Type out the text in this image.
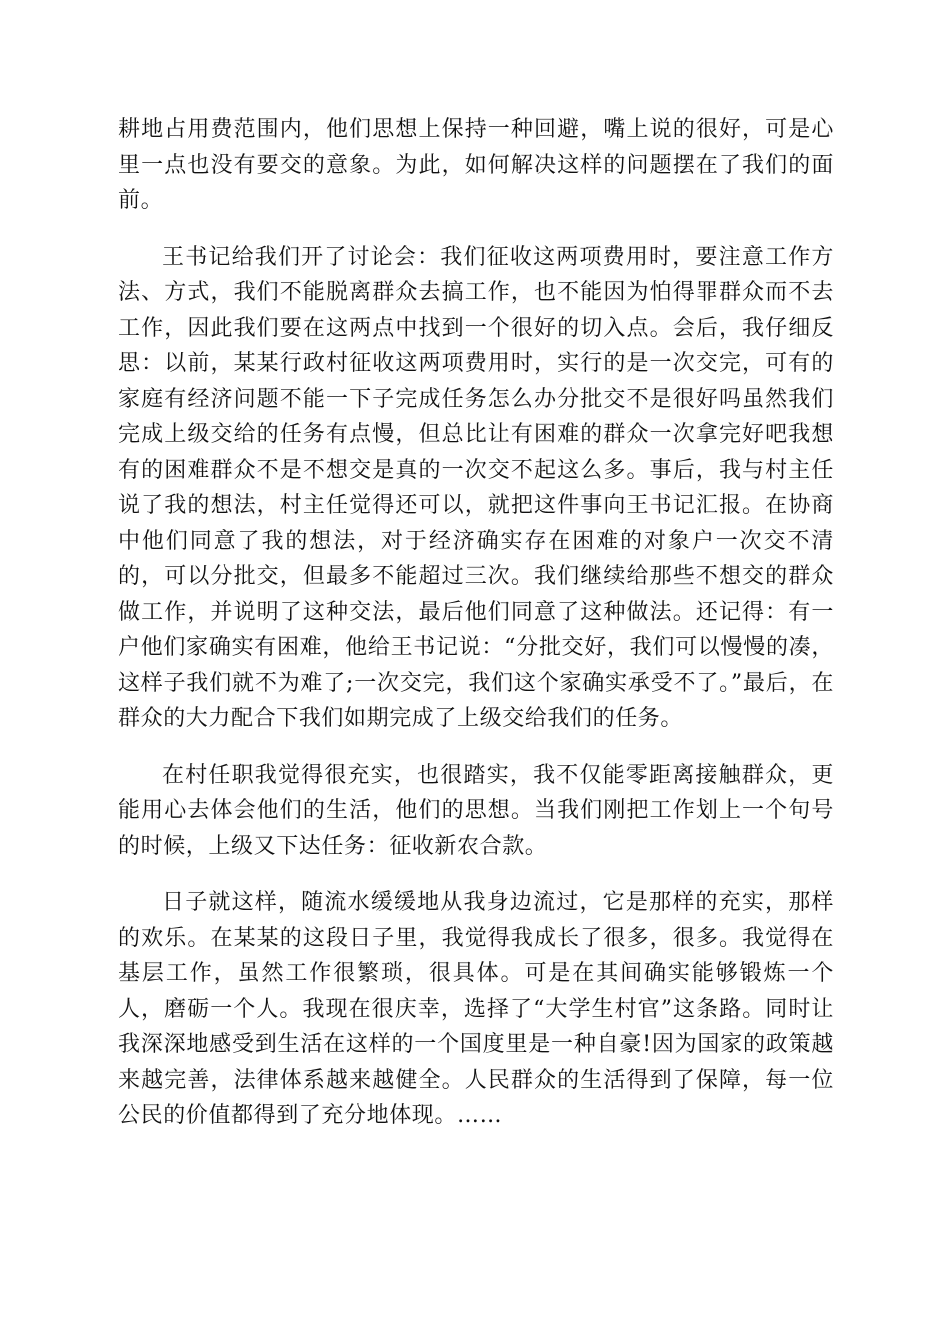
耕地占用费范围内，他们思想上保持一种回避，嘴上说的很好，可是心里一点也没有要交的意象。为此，如何解决这样的问题摆在了我们的面前。

王书记给我们开了讨论会：我们征收这两项费用时，要注意工作方法、方式，我们不能脱离群众去搞工作，也不能因为怕得罪群众而不去工作，因此我们要在这两点中找到一个很好的切入点。会后，我仔细反思：以前，某某行政村征收这两项费用时，实行的是一次交完，可有的家庭有经济问题不能一下子完成任务怎么办分批交不是很好吗虽然我们完成上级交给的任务有点慢，但总比让有困难的群众一次拿完好吧我想有的困难群众不是不想交是真的一次交不起这么多。事后，我与村主任说了我的想法，村主任觉得还可以，就把这件事向王书记汇报。在协商中他们同意了我的想法，对于经济确实存在困难的对象户一次交不清的，可以分批交，但最多不能超过三次。我们继续给那些不想交的群众做工作，并说明了这种交法，最后他们同意了这种做法。还记得：有一户他们家确实有困难，他给王书记说：“分批交好，我们可以慢慢的凑，这样子我们就不为难了;一次交完，我们这个家确实承受不了。”最后，在群众的大力配合下我们如期完成了上级交给我们的任务。

在村任职我觉得很充实，也很踏实，我不仅能零距离接触群众，更能用心去体会他们的生活，他们的思想。当我们刚把工作划上一个句号的时候，上级又下达任务：征收新农合款。

日子就这样，随流水缓缓地从我身边流过，它是那样的充实，那样的欢乐。在某某的这段日子里，我觉得我成长了很多，很多。我觉得在基层工作，虽然工作很繁琐，很具体。可是在其间确实能够锻炼一个人，磨砺一个人。我现在很庆幸，选择了“大学生村官”这条路。同时让我深深地感受到生活在这样的一个国度里是一种自豪!因为国家的政策越来越完善，法律体系越来越健全。人民群众的生活得到了保障，每一位公民的价值都得到了充分地体现。……
